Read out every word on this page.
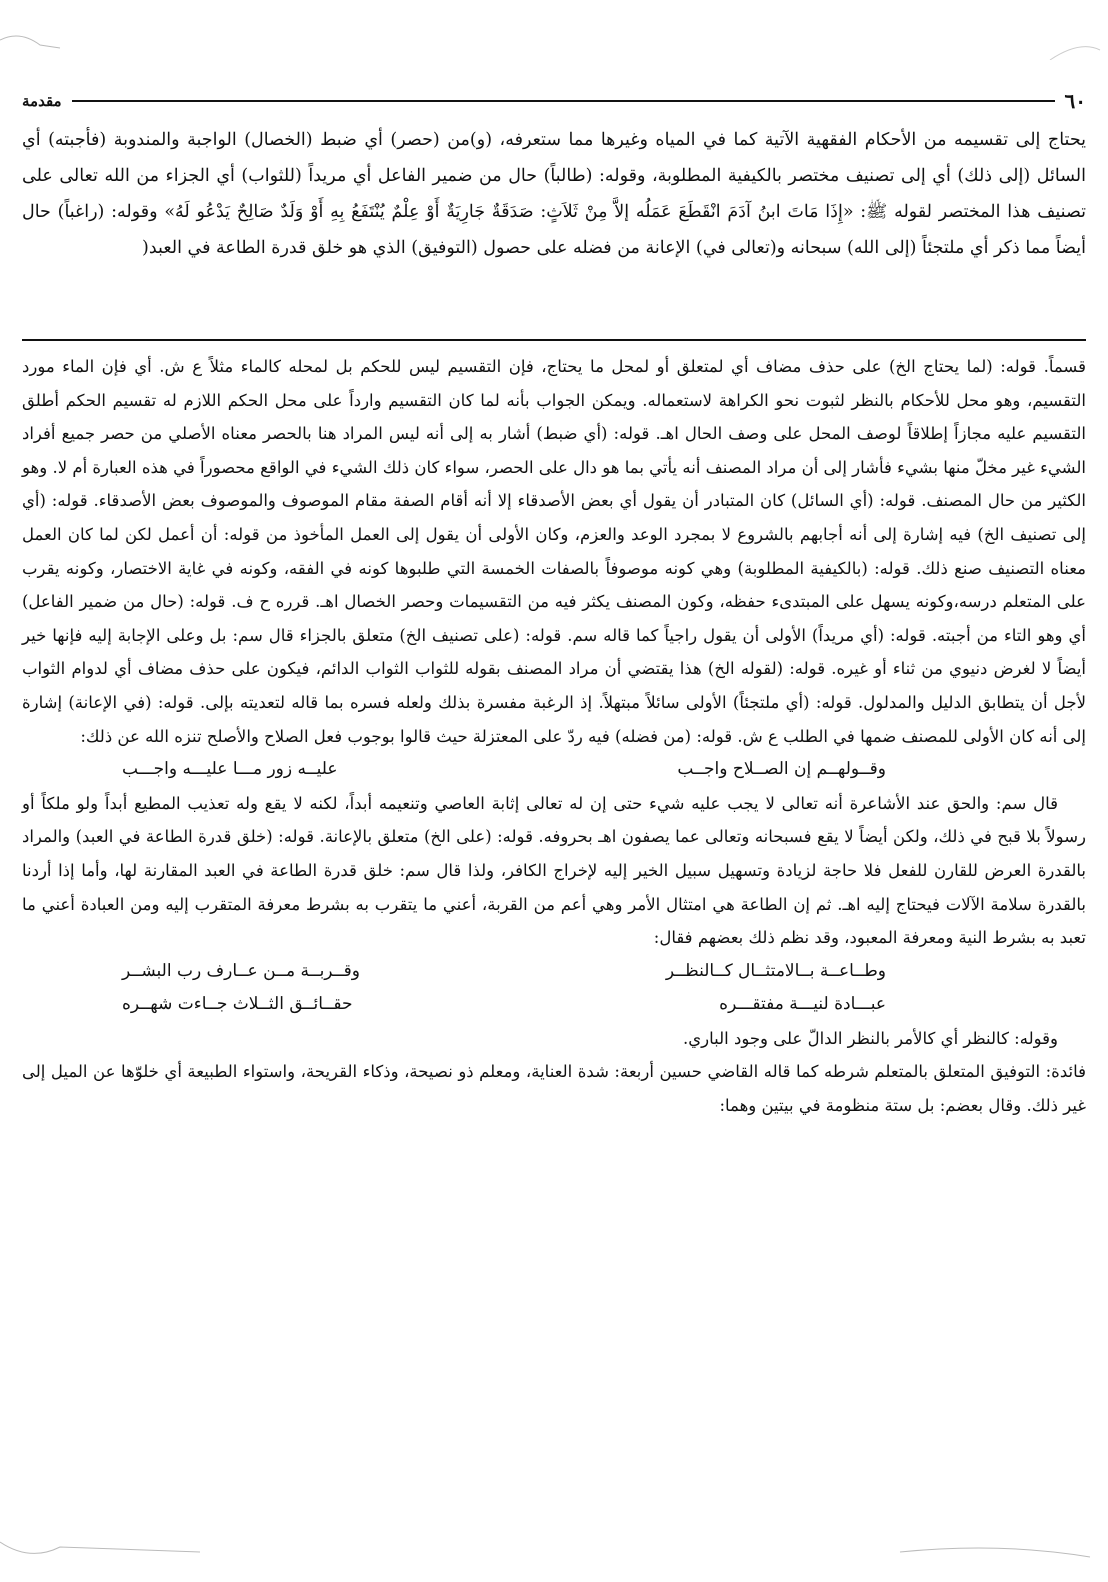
٦٠
مقدمة
يحتاج إلى تقسيمه من الأحكام الفقهية الآتية كما في المياه وغيرها مما ستعرفه، (و)من (حصر) أي ضبط (الخصال) الواجبة والمندوبة (فأجبته) أي السائل (إلى ذلك) أي إلى تصنيف مختصر بالكيفية المطلوبة، وقوله: (طالباً) حال من ضمير الفاعل أي مريداً (للثواب) أي الجزاء من الله تعالى على تصنيف هذا المختصر لقوله ﷺ: «إِذَا مَاتَ ابنُ آدَمَ انْقَطَعَ عَمَلُه إلاَّ مِنْ ثَلاَثٍ: صَدَقَةٌ جَارِيَةٌ أَوْ عِلْمٌ يُنْتَفَعُ بِهِ أَوْ وَلَدٌ صَالِحٌ يَدْعُو لَهُ» وقوله: (راغباً) حال أيضاً مما ذكر أي ملتجئاً (إلى الله) سبحانه و(تعالى في) الإعانة من فضله على حصول (التوفيق) الذي هو خلق قدرة الطاعة في العبد(

قسماً. قوله: (لما يحتاج الخ) على حذف مضاف أي لمتعلق أو لمحل ما يحتاج، فإن التقسيم ليس للحكم بل لمحله كالماء مثلاً ع ش. أي فإن الماء مورد التقسيم، وهو محل للأحكام بالنظر لثبوت نحو الكراهة لاستعماله. ويمكن الجواب بأنه لما كان التقسيم وارداً على محل الحكم اللازم له تقسيم الحكم أطلق التقسيم عليه مجازاً إطلاقاً لوصف المحل على وصف الحال اهـ. قوله: (أي ضبط) أشار به إلى أنه ليس المراد هنا بالحصر معناه الأصلي من حصر جميع أفراد الشيء غير مخلّ منها بشيء فأشار إلى أن مراد المصنف أنه يأتي بما هو دال على الحصر، سواء كان ذلك الشيء في الواقع محصوراً في هذه العبارة أم لا. وهو الكثير من حال المصنف. قوله: (أي السائل) كان المتبادر أن يقول أي بعض الأصدقاء إلا أنه أقام الصفة مقام الموصوف والموصوف بعض الأصدقاء. قوله: (أي إلى تصنيف الخ) فيه إشارة إلى أنه أجابهم بالشروع لا بمجرد الوعد والعزم، وكان الأولى أن يقول إلى العمل المأخوذ من قوله: أن أعمل لكن لما كان العمل معناه التصنيف صنع ذلك. قوله: (بالكيفية المطلوبة) وهي كونه موصوفاً بالصفات الخمسة التي طلبوها كونه في الفقه، وكونه في غاية الاختصار، وكونه يقرب على المتعلم درسه،وكونه يسهل على المبتدىء حفظه، وكون المصنف يكثر فيه من التقسيمات وحصر الخصال اهـ. قرره ح ف. قوله: (حال من ضمير الفاعل) أي وهو التاء من أجبته. قوله: (أي مريداً) الأولى أن يقول راجياً كما قاله سم. قوله: (على تصنيف الخ) متعلق بالجزاء قال سم: بل وعلى الإجابة إليه فإنها خير أيضاً لا لغرض دنيوي من ثناء أو غيره. قوله: (لقوله الخ) هذا يقتضي أن مراد المصنف بقوله للثواب الثواب الدائم، فيكون على حذف مضاف أي لدوام الثواب لأجل أن يتطابق الدليل والمدلول. قوله: (أي ملتجئاً) الأولى سائلاً مبتهلاً. إذ الرغبة مفسرة بذلك ولعله فسره بما قاله لتعديته بإلى. قوله: (في الإعانة) إشارة إلى أنه كان الأولى للمصنف ضمها في الطلب ع ش. قوله: (من فضله) فيه ردّ على المعتزلة حيث قالوا بوجوب فعل الصلاح والأصلح تنزه الله عن ذلك:

وقــولهــم إن الصــلاح واجــب
عليــه زور مـــا عليـــه واجـــب

قال سم: والحق عند الأشاعرة أنه تعالى لا يجب عليه شيء حتى إن له تعالى إثابة العاصي وتنعيمه أبداً، لكنه لا يقع وله تعذيب المطيع أبداً ولو ملكاً أو رسولاً بلا قبح في ذلك، ولكن أيضاً لا يقع فسبحانه وتعالى عما يصفون اهـ بحروفه. قوله: (على الخ) متعلق بالإعانة. قوله: (خلق قدرة الطاعة في العبد) والمراد بالقدرة العرض للقارن للفعل فلا حاجة لزيادة وتسهيل سبيل الخير إليه لإخراج الكافر، ولذا قال سم: خلق قدرة الطاعة في العبد المقارنة لها، وأما إذا أردنا بالقدرة سلامة الآلات فيحتاج إليه اهـ. ثم إن الطاعة هي امتثال الأمر وهي أعم من القربة، أعني ما يتقرب به بشرط معرفة المتقرب إليه ومن العبادة أعني ما تعبد به بشرط النية ومعرفة المعبود، وقد نظم ذلك بعضهم فقال:

وطــاعــة بــالامتثــال كــالنظــر
وقــربــة مــن عــارف رب البشــر
عبـــادة لنيـــة مفتقـــره
حقــائــق الثــلاث جــاءت شهــره

وقوله: كالنظر أي كالأمر بالنظر الدالّ على وجود الباري.

فائدة: التوفيق المتعلق بالمتعلم شرطه كما قاله القاضي حسين أربعة: شدة العناية، ومعلم ذو نصيحة، وذكاء القريحة، واستواء الطبيعة أي خلوّها عن الميل إلى غير ذلك. وقال بعضم: بل ستة منظومة في بيتين وهما:
